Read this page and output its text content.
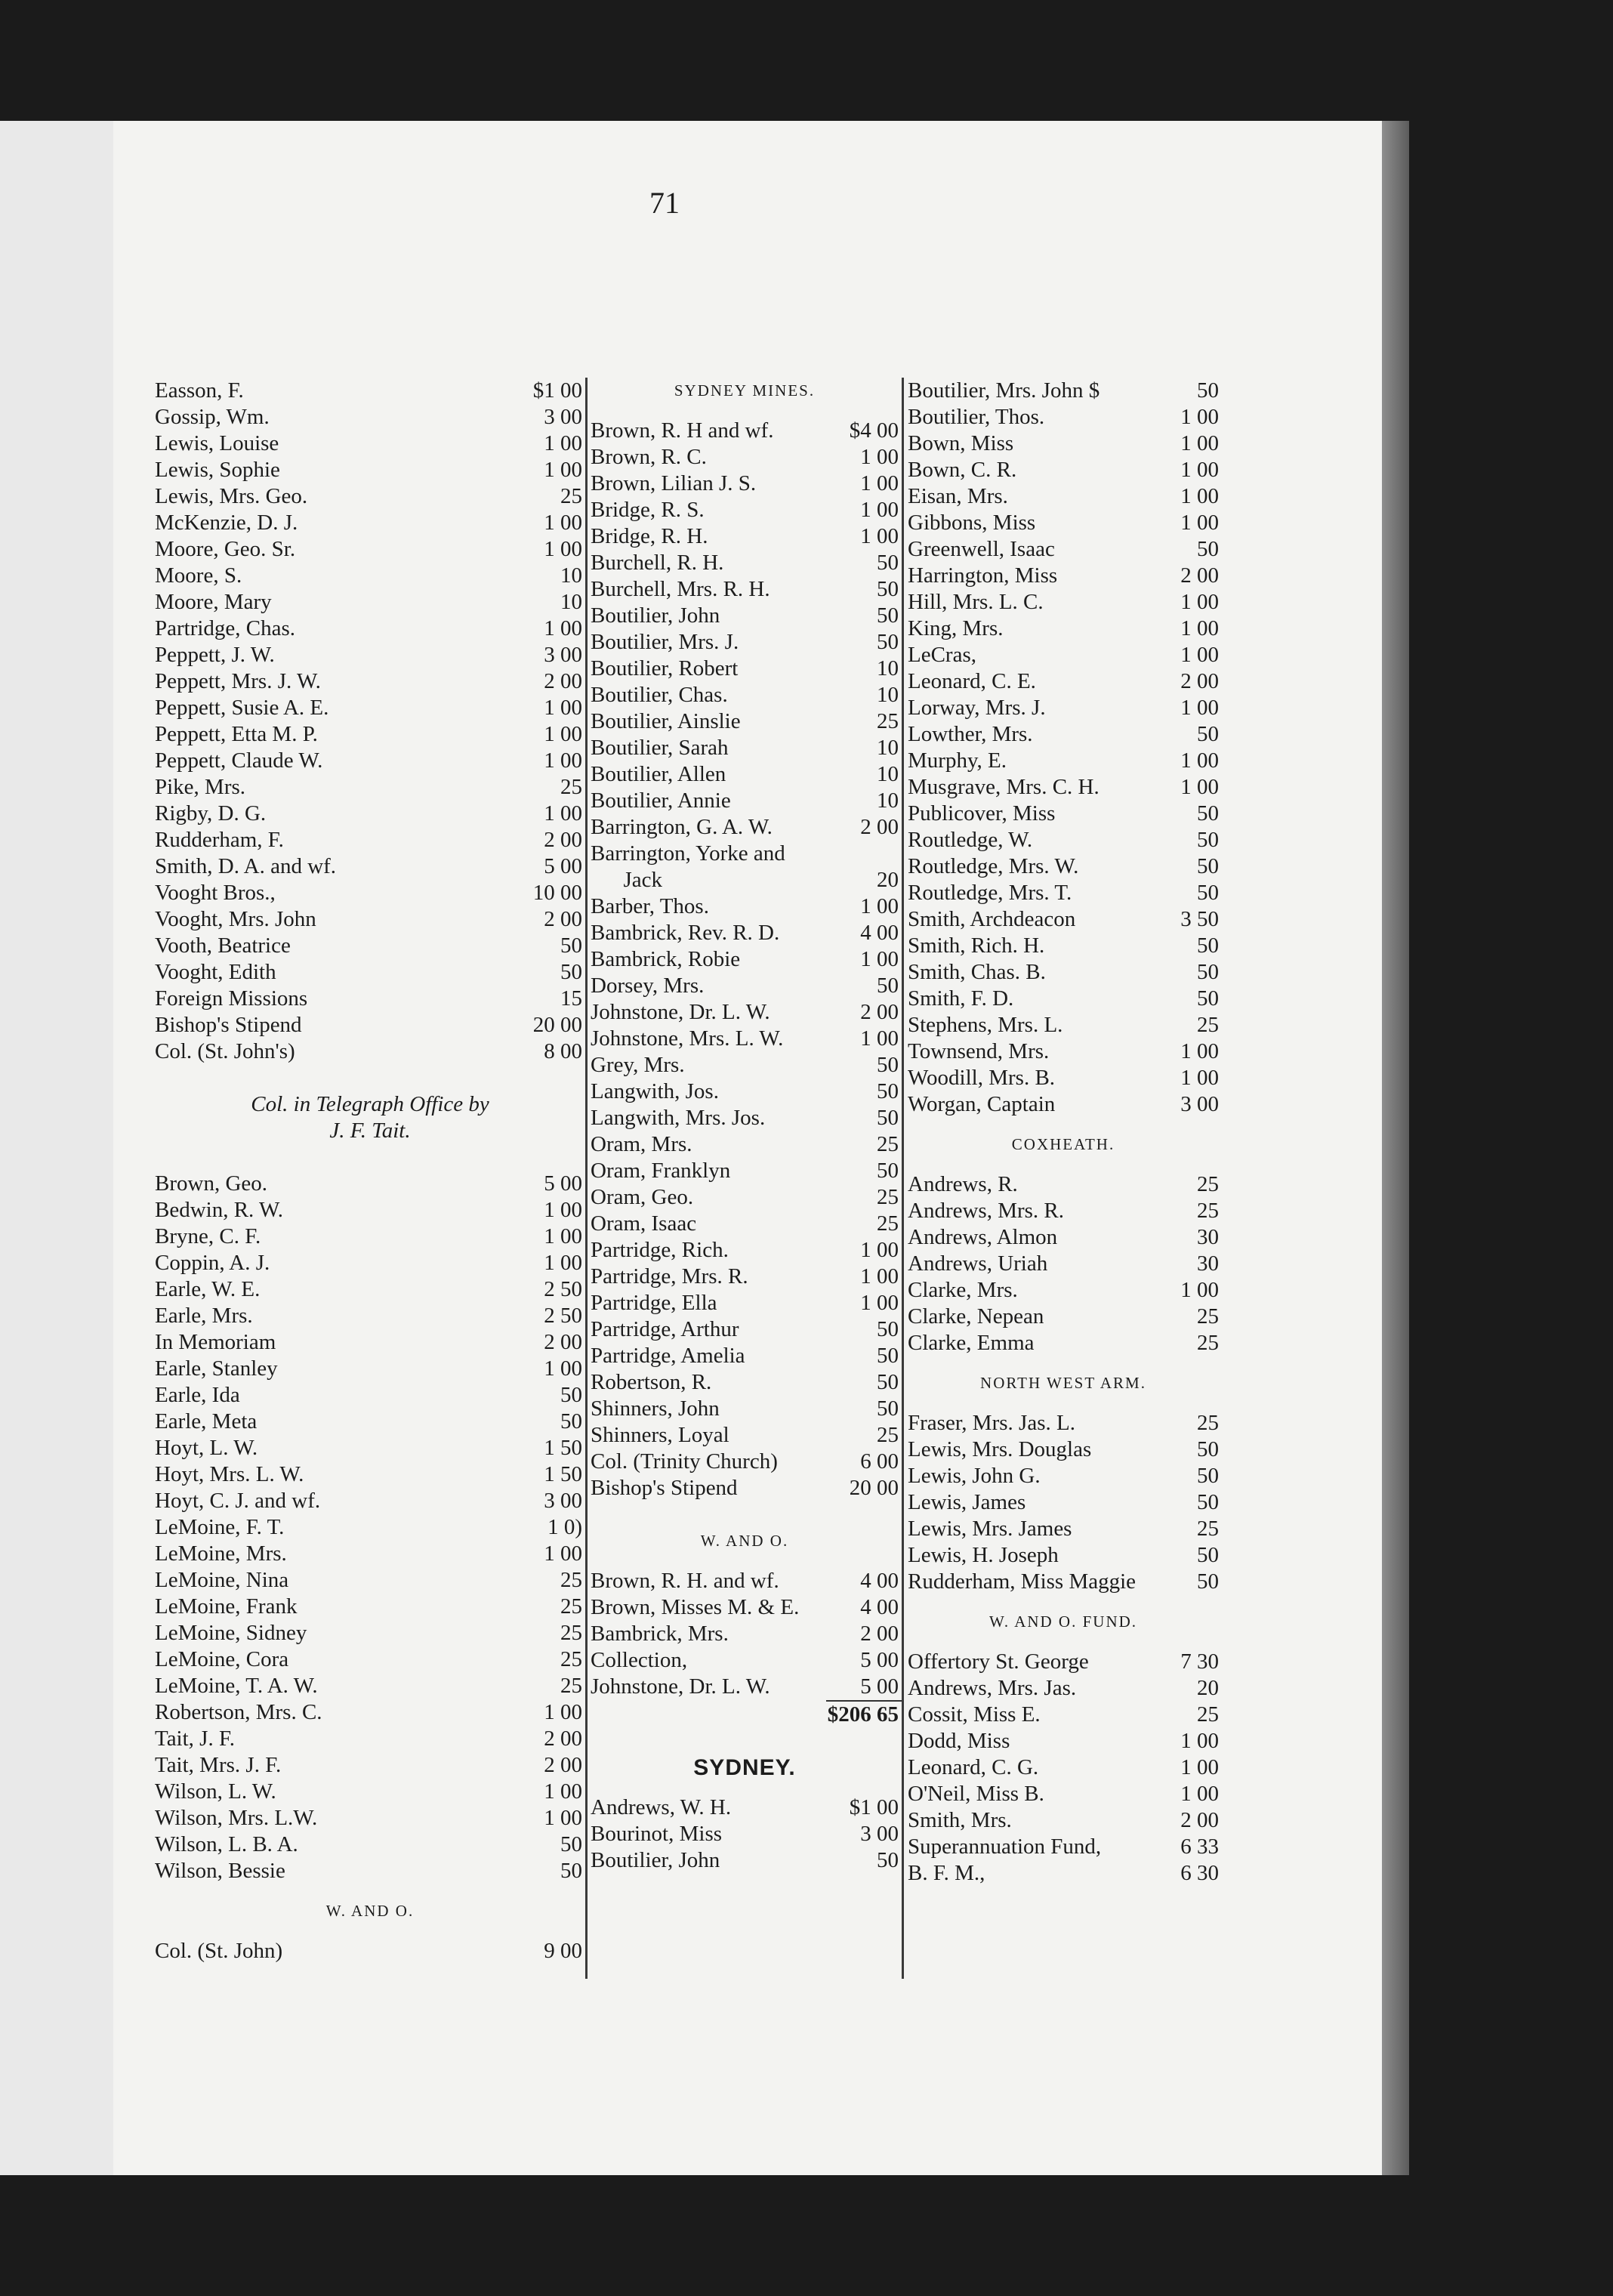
71
Easson, F.	$1 00
Gossip, Wm.	3 00
Lewis, Louise	1 00
Lewis, Sophie	1 00
Lewis, Mrs. Geo.	25
McKenzie, D. J.	1 00
Moore, Geo. Sr.	1 00
Moore, S.	10
Moore, Mary	10
Partridge, Chas.	1 00
Peppett, J. W.	3 00
Peppett, Mrs. J. W.	2 00
Peppett, Susie A. E.	1 00
Peppett, Etta M. P.	1 00
Peppett, Claude W.	1 00
Pike, Mrs.	25
Rigby, D. G.	1 00
Rudderham, F.	2 00
Smith, D. A. and wf.	5 00
Vooght Bros.,	10 00
Vooght, Mrs. John	2 00
Vooth, Beatrice	50
Vooght, Edith	50
Foreign Missions	15
Bishop's Stipend	20 00
Col. (St. John's)	8 00
Col. in Telegraph Office by
J. F. Tait.
Brown, Geo.	5 00
Bedwin, R. W.	1 00
Bryne, C. F.	1 00
Coppin, A. J.	1 00
Earle, W. E.	2 50
Earle, Mrs.	2 50
In Memoriam	2 00
Earle, Stanley	1 00
Earle, Ida	50
Earle, Meta	50
Hoyt, L. W.	1 50
Hoyt, Mrs. L. W.	1 50
Hoyt, C. J. and wf.	3 00
LeMoine, F. T.	1 0)
LeMoine, Mrs.	1 00
LeMoine, Nina	25
LeMoine, Frank	25
LeMoine, Sidney	25
LeMoine, Cora	25
LeMoine, T. A. W.	25
Robertson, Mrs. C.	1 00
Tait, J. F.	2 00
Tait, Mrs. J. F.	2 00
Wilson, L. W.	1 00
Wilson, Mrs. L.W.	1 00
Wilson, L. B. A.	50
Wilson, Bessie	50
W. AND O.
Col. (St. John)	9 00
SYDNEY MINES.
Brown, R. H and wf.	$4 00
Brown, R. C.	1 00
Brown, Lilian J. S.	1 00
Bridge, R. S.	1 00
Bridge, R. H.	1 00
Burchell, R. H.	50
Burchell, Mrs. R. H.	50
Boutilier, John	50
Boutilier, Mrs. J.	50
Boutilier, Robert	10
Boutilier, Chas.	10
Boutilier, Ainslie	25
Boutilier, Sarah	10
Boutilier, Allen	10
Boutilier, Annie	10
Barrington, G. A. W.	2 00
Barrington, Yorke and
Jack	20
Barber, Thos.	1 00
Bambrick, Rev. R. D.	4 00
Bambrick, Robie	1 00
Dorsey, Mrs.	50
Johnstone, Dr. L. W.	2 00
Johnstone, Mrs. L. W.	1 00
Grey, Mrs.	50
Langwith, Jos.	50
Langwith, Mrs. Jos.	50
Oram, Mrs.	25
Oram, Franklyn	50
Oram, Geo.	25
Oram, Isaac	25
Partridge, Rich.	1 00
Partridge, Mrs. R.	1 00
Partridge, Ella	1 00
Partridge, Arthur	50
Partridge, Amelia	50
Robertson, R.	50
Shinners, John	50
Shinners, Loyal	25
Col. (Trinity Church)	6 00
Bishop's Stipend	20 00
W. AND O.
Brown, R. H. and wf.	4 00
Brown, Misses M. & E.	4 00
Bambrick, Mrs.	2 00
Collection,	5 00
Johnstone, Dr. L. W.	5 00
$206 65
SYDNEY.
Andrews, W. H.	$1 00
Bourinot, Miss	3 00
Boutilier, John	50
Boutilier, Mrs. John $	50
Boutilier, Thos.	1 00
Bown, Miss	1 00
Bown, C. R.	1 00
Eisan, Mrs.	1 00
Gibbons, Miss	1 00
Greenwell, Isaac	50
Harrington, Miss	2 00
Hill, Mrs. L. C.	1 00
King, Mrs.	1 00
LeCras,	1 00
Leonard, C. E.	2 00
Lorway, Mrs. J.	1 00
Lowther, Mrs.	50
Murphy, E.	1 00
Musgrave, Mrs. C. H.	1 00
Publicover, Miss	50
Routledge, W.	50
Routledge, Mrs. W.	50
Routledge, Mrs. T.	50
Smith, Archdeacon	3 50
Smith, Rich. H.	50
Smith, Chas. B.	50
Smith, F. D.	50
Stephens, Mrs. L.	25
Townsend, Mrs.	1 00
Woodill, Mrs. B.	1 00
Worgan, Captain	3 00
COXHEATH.
Andrews, R.	25
Andrews, Mrs. R.	25
Andrews, Almon	30
Andrews, Uriah	30
Clarke, Mrs.	1 00
Clarke, Nepean	25
Clarke, Emma	25
NORTH WEST ARM.
Fraser, Mrs. Jas. L.	25
Lewis, Mrs. Douglas	50
Lewis, John G.	50
Lewis, James	50
Lewis, Mrs. James	25
Lewis, H. Joseph	50
Rudderham, Miss Maggie	50
W. AND O. FUND.
Offertory St. George	7 30
Andrews, Mrs. Jas.	20
Cossit, Miss E.	25
Dodd, Miss	1 00
Leonard, C. G.	1 00
O'Neil, Miss B.	1 00
Smith, Mrs.	2 00
Superannuation Fund,	6 33
B. F. M.,	6 30
